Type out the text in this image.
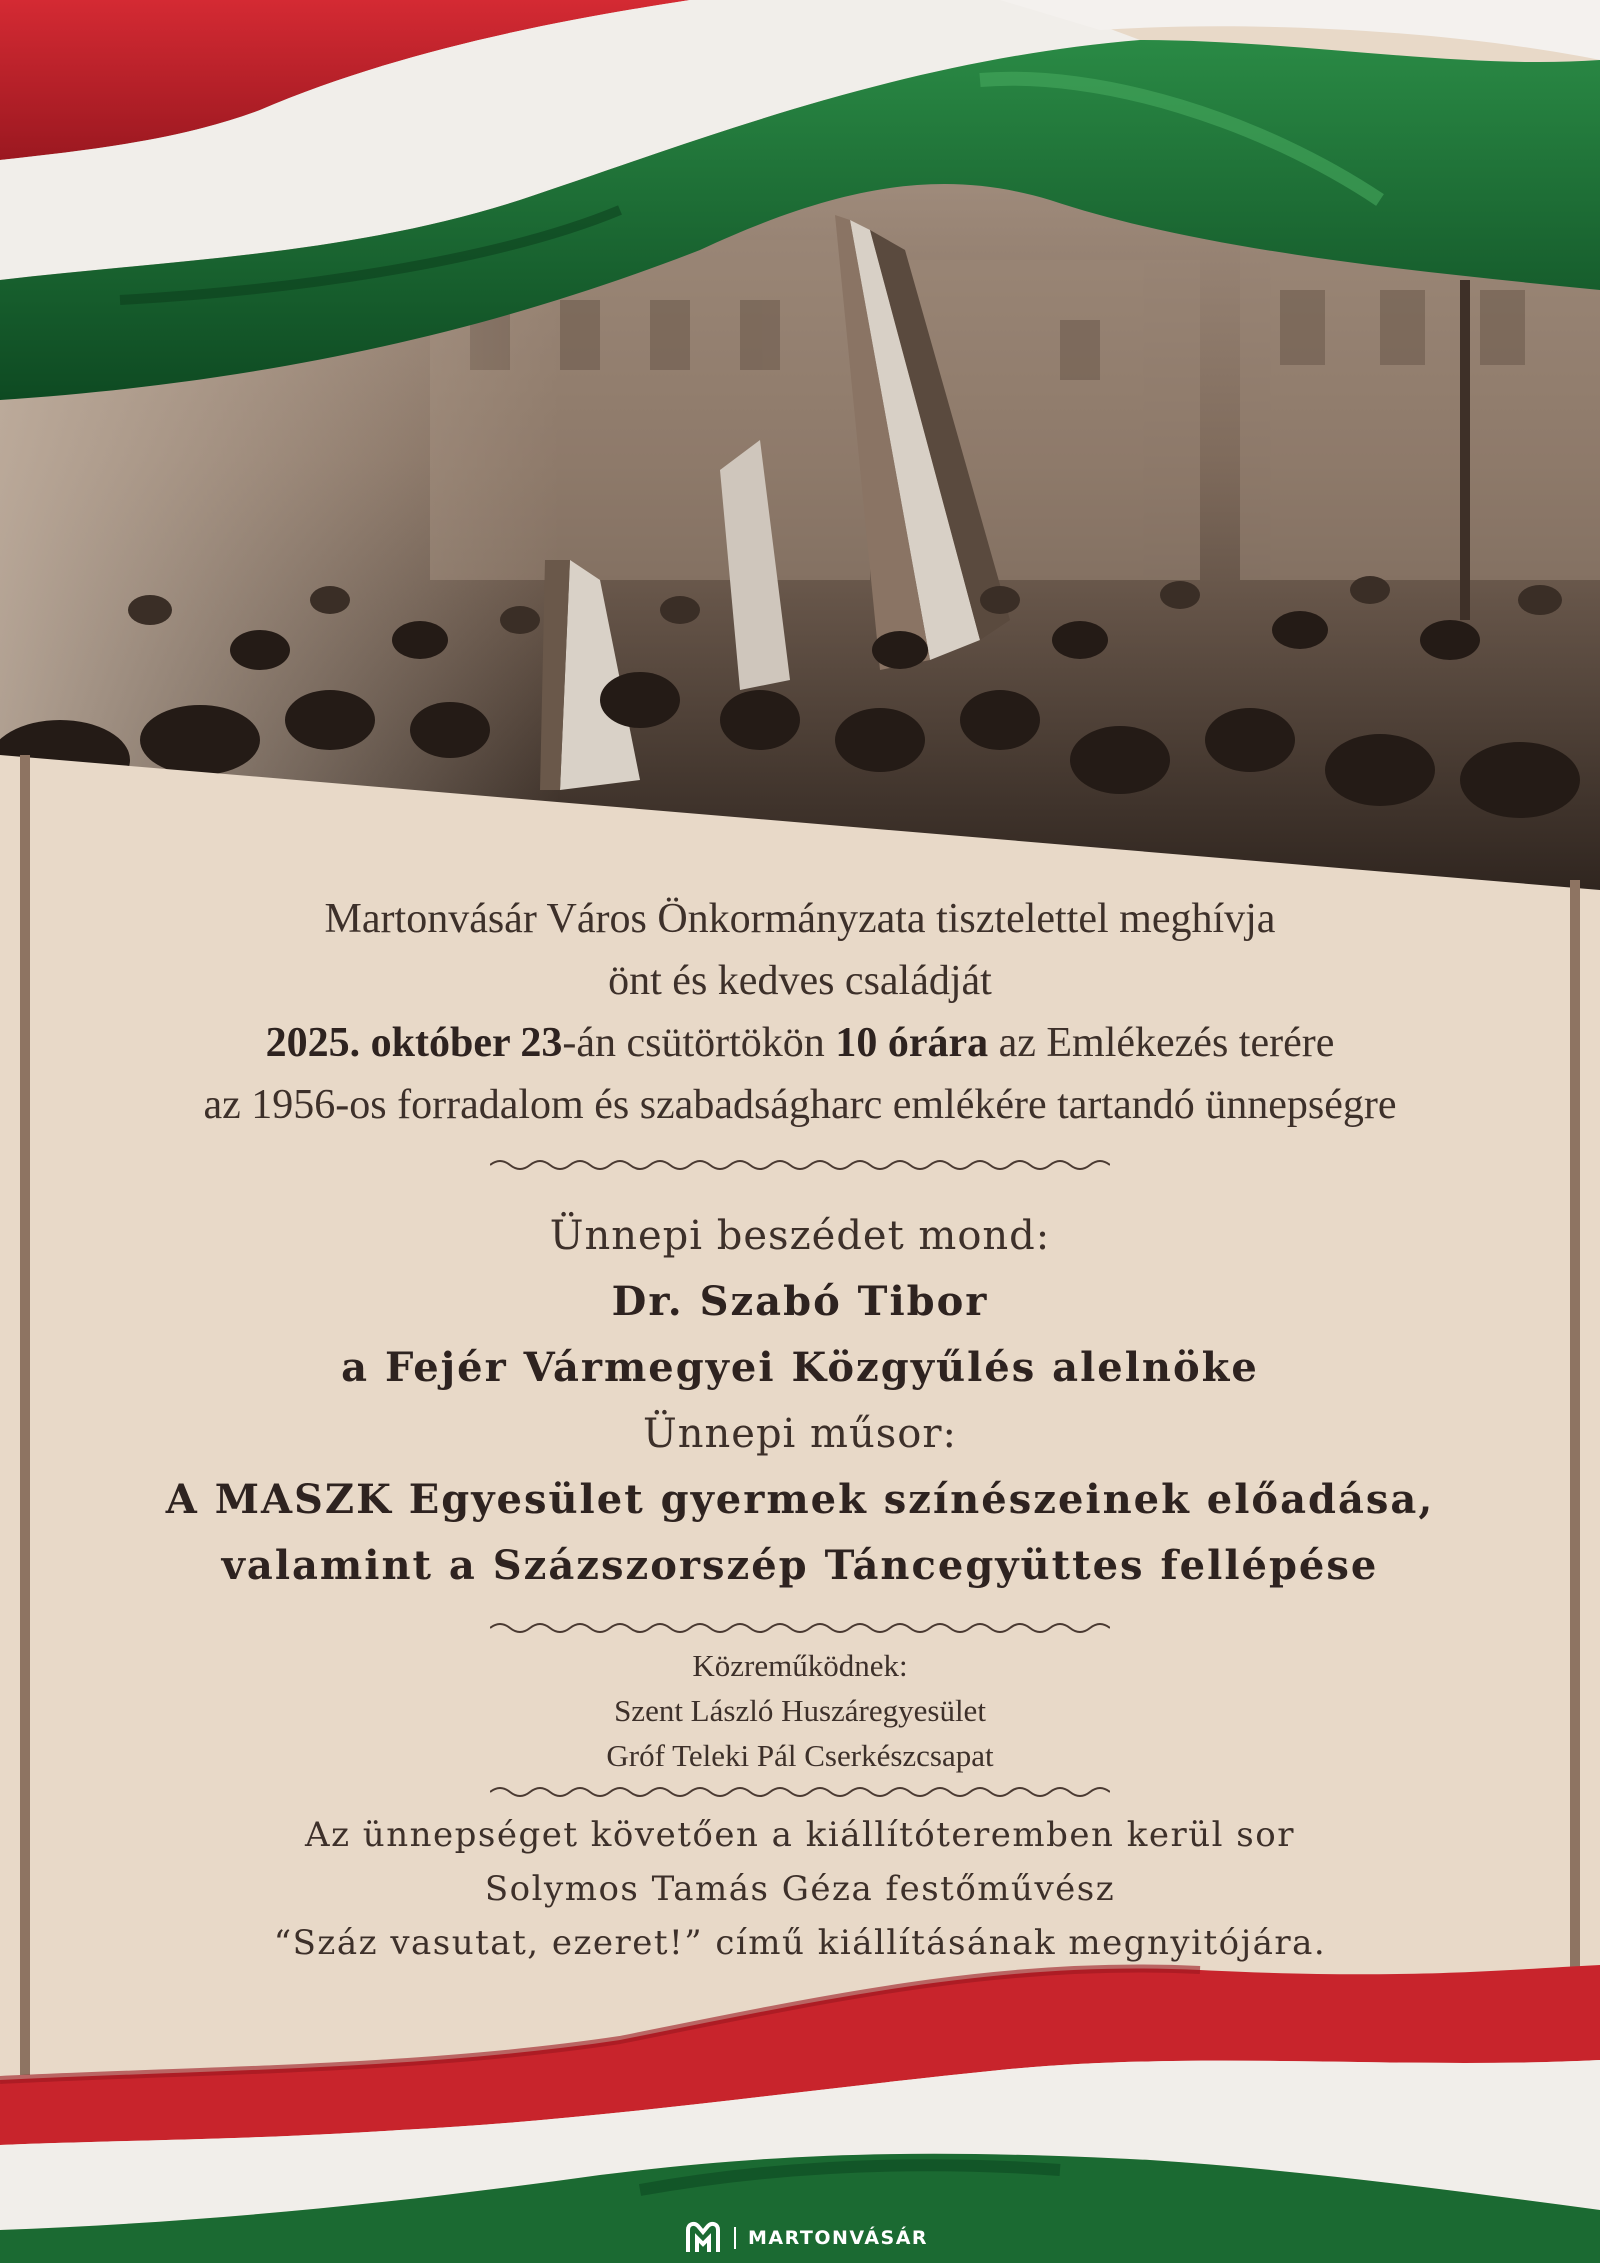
Martonvásár Város Önkormányzata tisztelettel meghívja
önt és kedves családját
2025. október 23-án csütörtökön 10 órára az Emlékezés terére
az 1956-os forradalom és szabadságharc emlékére tartandó ünnepségre
Ünnepi beszédet mond:
Dr. Szabó Tibor
a Fejér Vármegyei Közgyűlés alelnöke
Ünnepi műsor:
A MASZK Egyesület gyermek színészeinek előadása,
valamint a Százszorszép Táncegyüttes fellépése
Közreműködnek:
Szent László Huszáregyesület
Gróf Teleki Pál Cserkészcsapat
Az ünnepséget követően a kiállítóteremben kerül sor
Solymos Tamás Géza festőművész
“Száz vasutat, ezeret!” című kiállításának megnyitójára.
MARTONVÁSÁR
